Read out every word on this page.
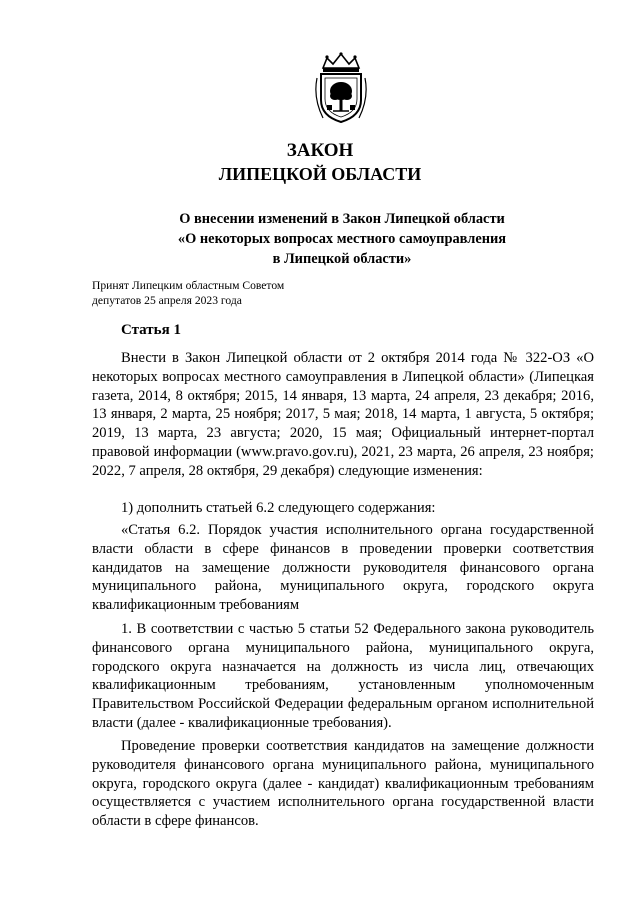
ЗАКОН
ЛИПЕЦКОЙ ОБЛАСТИ
О внесении изменений в Закон Липецкой области
«О некоторых вопросах местного самоуправления
в Липецкой области»
Принят Липецким областным Советом
депутатов 25 апреля 2023 года
Статья 1

Внести в Закон Липецкой области от 2 октября 2014 года № 322-ОЗ «О некоторых вопросах местного самоуправления в Липецкой области» (Липецкая газета, 2014, 8 октября; 2015, 14 января, 13 марта, 24 апреля, 23 декабря; 2016, 13 января, 2 марта, 25 ноября; 2017, 5 мая; 2018, 14 марта, 1 августа, 5 октября; 2019, 13 марта, 23 августа; 2020, 15 мая; Официальный интернет-портал правовой информации (www.pravo.gov.ru), 2021, 23 марта, 26 апреля, 23 ноября; 2022, 7 апреля, 28 октября, 29 декабря) следующие изменения:

1) дополнить статьей 6.2 следующего содержания:

«Статья 6.2. Порядок участия исполнительного органа государственной власти области в сфере финансов в проведении проверки соответствия кандидатов на замещение должности руководителя финансового органа муниципального района, муниципального округа, городского округа квалификационным требованиям

1. В соответствии с частью 5 статьи 52 Федерального закона руководитель финансового органа муниципального района, муниципального округа, городского округа назначается на должность из числа лиц, отвечающих квалификационным требованиям, установленным уполномоченным Правительством Российской Федерации федеральным органом исполнительной власти (далее - квалификационные требования).

Проведение проверки соответствия кандидатов на замещение должности руководителя финансового органа муниципального района, муниципального округа, городского округа (далее - кандидат) квалификационным требованиям осуществляется с участием исполнительного органа государственной власти области в сфере финансов.
